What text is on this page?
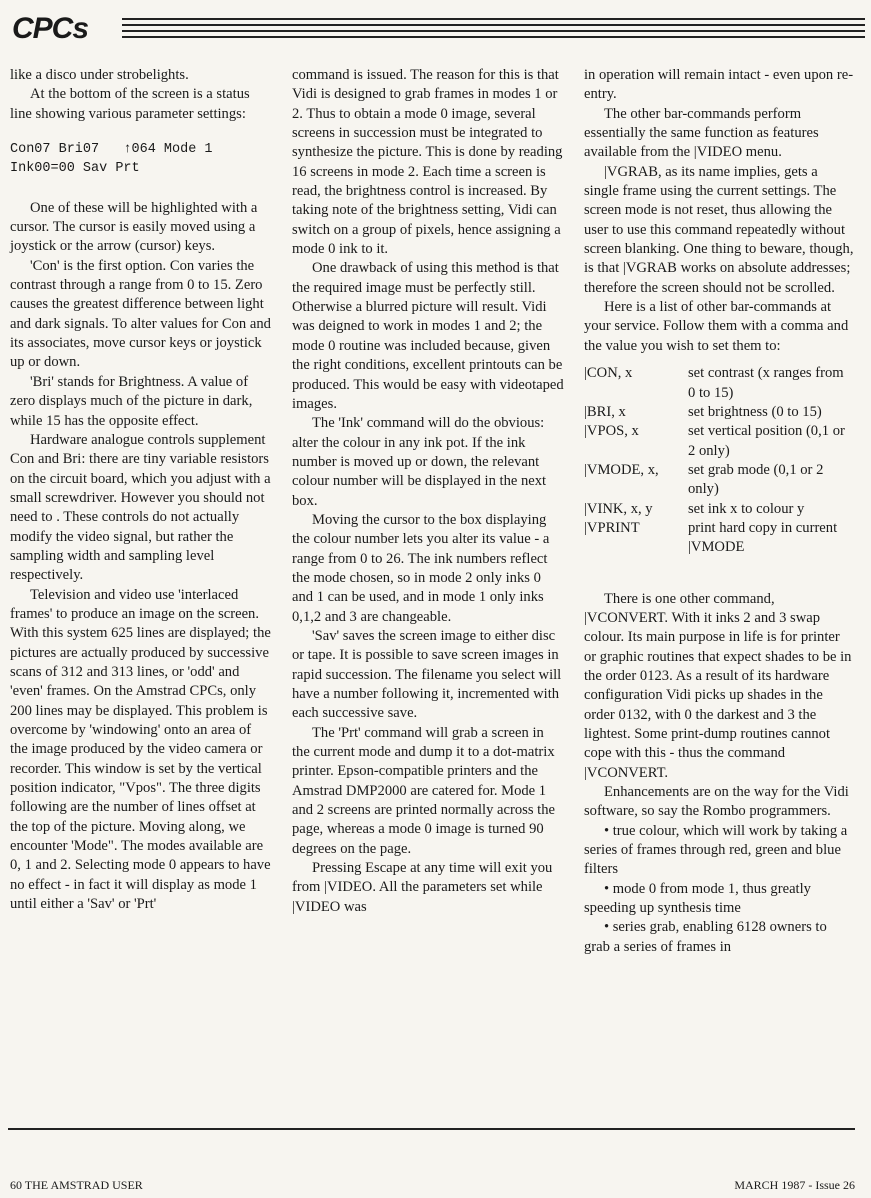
CPCs

like a disco under strobelights.

At the bottom of the screen is a status line showing various parameter settings:

Con07 Bri07   ↑064 Mode 1
Ink00=00 Sav Prt

One of these will be highlighted with a cursor. The cursor is easily moved using a joystick or the arrow (cursor) keys.

'Con' is the first option. Con varies the contrast through a range from 0 to 15. Zero causes the greatest difference between light and dark signals. To alter values for Con and its associates, move cursor keys or joystick up or down.

'Bri' stands for Brightness. A value of zero displays much of the picture in dark, while 15 has the opposite effect.

Hardware analogue controls supplement Con and Bri: there are tiny variable resistors on the circuit board, which you adjust with a small screwdriver. However you should not need to . These controls do not actually modify the video signal, but rather the sampling width and sampling level respectively.

Television and video use 'interlaced frames' to produce an image on the screen. With this system 625 lines are displayed; the pictures are actually produced by successive scans of 312 and 313 lines, or 'odd' and 'even' frames. On the Amstrad CPCs, only 200 lines may be displayed. This problem is overcome by 'windowing' onto an area of the image produced by the video camera or recorder. This window is set by the vertical position indicator, "Vpos". The three digits following are the number of lines offset at the top of the picture. Moving along, we encounter 'Mode". The modes available are 0, 1 and 2. Selecting mode 0 appears to have no effect - in fact it will display as mode 1 until either a 'Sav' or 'Prt'

command is issued. The reason for this is that Vidi is designed to grab frames in modes 1 or 2. Thus to obtain a mode 0 image, several screens in succession must be integrated to synthesize the picture. This is done by reading 16 screens in mode 2. Each time a screen is read, the brightness control is increased. By taking note of the brightness setting, Vidi can switch on a group of pixels, hence assigning a mode 0 ink to it.

One drawback of using this method is that the required image must be perfectly still. Otherwise a blurred picture will result. Vidi was deigned to work in modes 1 and 2; the mode 0 routine was included because, given the right conditions, excellent printouts can be produced. This would be easy with videotaped images.

The 'Ink' command will do the obvious: alter the colour in any ink pot. If the ink number is moved up or down, the relevant colour number will be displayed in the next box.

Moving the cursor to the box displaying the colour number lets you alter its value - a range from 0 to 26. The ink numbers reflect the mode chosen, so in mode 2 only inks 0 and 1 can be used, and in mode 1 only inks 0,1,2 and 3 are changeable.

'Sav' saves the screen image to either disc or tape. It is possible to save screen images in rapid succession. The filename you select will have a number following it, incremented with each successive save.

The 'Prt' command will grab a screen in the current mode and dump it to a dot-matrix printer. Epson-compatible printers and the Amstrad DMP2000 are catered for. Mode 1 and 2 screens are printed normally across the page, whereas a mode 0 image is turned 90 degrees on the page.

Pressing Escape at any time will exit you from |VIDEO. All the parameters set while |VIDEO was

in operation will remain intact - even upon re-entry.

The other bar-commands perform essentially the same function as features available from the |VIDEO menu.

|VGRAB, as its name implies, gets a single frame using the current settings. The screen mode is not reset, thus allowing the user to use this command repeatedly without screen blanking. One thing to beware, though, is that |VGRAB works on absolute addresses; therefore the screen should not be scrolled.

Here is a list of other bar-commands at your service. Follow them with a comma and the value you wish to set them to:

|CON, x	set contrast (x ranges from 0 to 15)
|BRI, x	set brightness (0 to 15)
|VPOS, x	set vertical position (0,1 or 2 only)
|VMODE, x,	set grab mode (0,1 or 2 only)
|VINK, x, y	set ink x to colour y
|VPRINT	print hard copy in current |VMODE

There is one other command, |VCONVERT. With it inks 2 and 3 swap colour. Its main purpose in life is for printer or graphic routines that expect shades to be in the order 0123. As a result of its hardware configuration Vidi picks up shades in the order 0132, with 0 the darkest and 3 the lightest. Some print-dump routines cannot cope with this - thus the command |VCONVERT.

Enhancements are on the way for the Vidi software, so say the Rombo programmers.

• true colour, which will work by taking a series of frames through red, green and blue filters

• mode 0 from mode 1, thus greatly speeding up synthesis time

• series grab, enabling 6128 owners to grab a series of frames in

60 THE AMSTRAD USER	MARCH 1987 - Issue 26
